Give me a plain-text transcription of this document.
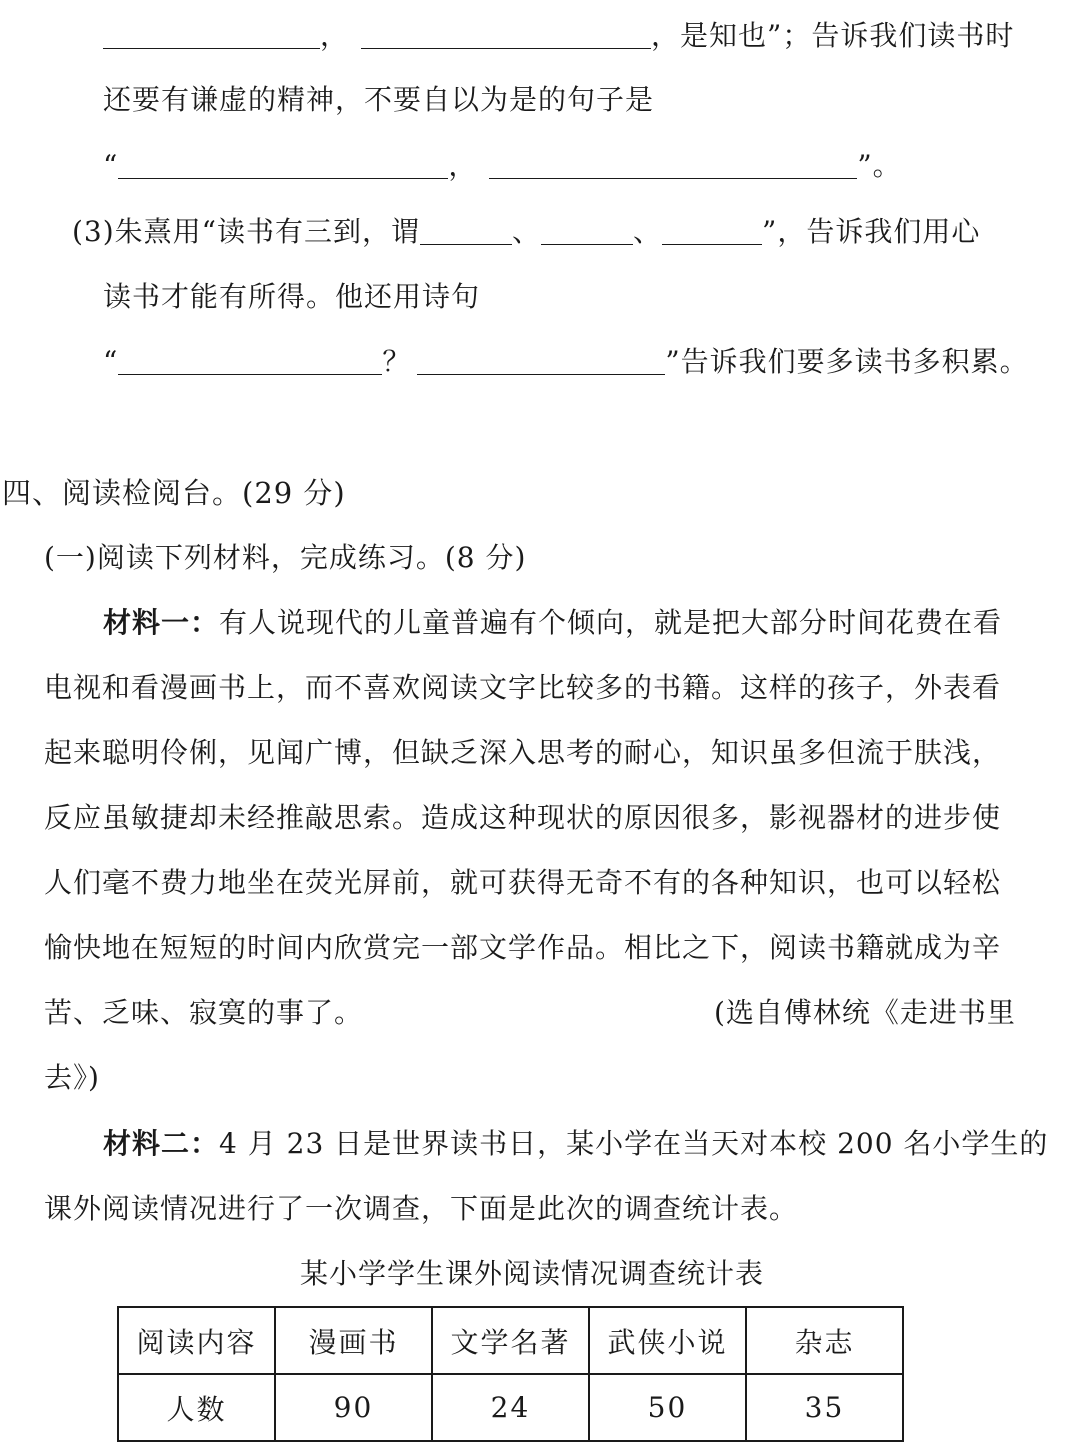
，	，是知也”；告诉我们读书时
还要有谦虚的精神，不要自以为是的句子是
“	，	”。
(3)朱熹用“读书有三到，谓	、	、	”，告诉我们用心
读书才能有所得。他还用诗句
“	？	”告诉我们要多读书多积累。
四、阅读检阅台。(29 分)
(一)阅读下列材料，完成练习。(8 分)
材料一：有人说现代的儿童普遍有个倾向，就是把大部分时间花费在看
电视和看漫画书上，而不喜欢阅读文字比较多的书籍。这样的孩子，外表看
起来聪明伶俐，见闻广博，但缺乏深入思考的耐心，知识虽多但流于肤浅，
反应虽敏捷却未经推敲思索。造成这种现状的原因很多，影视器材的进步使
人们毫不费力地坐在荧光屏前，就可获得无奇不有的各种知识，也可以轻松
愉快地在短短的时间内欣赏完一部文学作品。相比之下，阅读书籍就成为辛
苦、乏味、寂寞的事了。	(选自傅林统《走进书里
去》)
材料二：4 月 23 日是世界读书日，某小学在当天对本校 200 名小学生的
课外阅读情况进行了一次调查，下面是此次的调查统计表。
某小学学生课外阅读情况调查统计表
阅读内容	漫画书	文学名著	武侠小说	杂志
人数	90	24	50	35
